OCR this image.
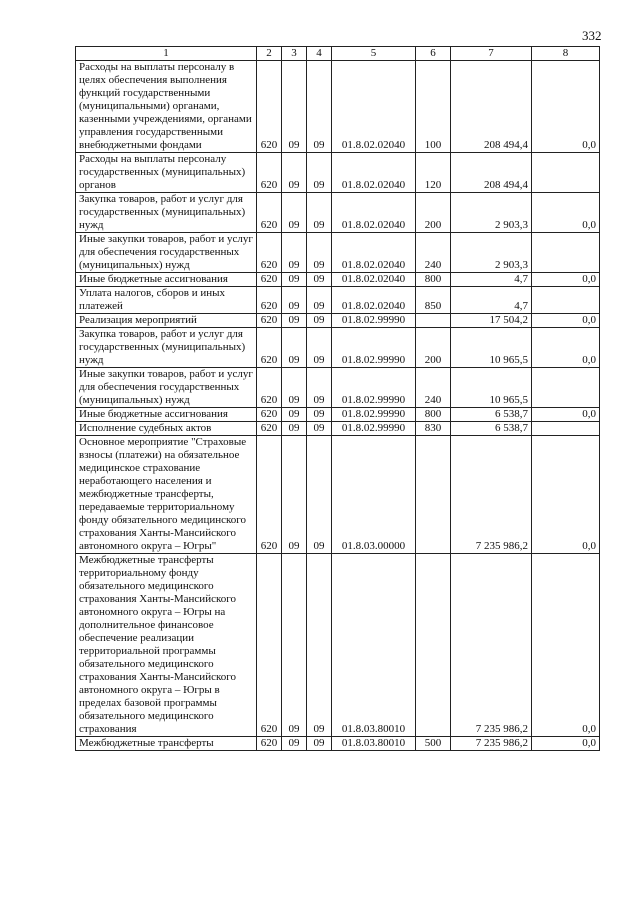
332
1	2	3	4	5	6	7	8
Расходы на выплаты персоналу в целях обеспечения выполнения функций государственными (муниципальными) органами, казенными учреждениями, органами управления государственными внебюджетными фондами	620	09	09	01.8.02.02040	100	208 494,4	0,0
Расходы на выплаты персоналу государственных (муниципальных) органов	620	09	09	01.8.02.02040	120	208 494,4	
Закупка товаров, работ и услуг для государственных (муниципальных) нужд	620	09	09	01.8.02.02040	200	2 903,3	0,0
Иные закупки товаров, работ и услуг для обеспечения государственных (муниципальных) нужд	620	09	09	01.8.02.02040	240	2 903,3	
Иные бюджетные ассигнования	620	09	09	01.8.02.02040	800	4,7	0,0
Уплата налогов, сборов и иных платежей	620	09	09	01.8.02.02040	850	4,7	
Реализация мероприятий	620	09	09	01.8.02.99990		17 504,2	0,0
Закупка товаров, работ и услуг для государственных (муниципальных) нужд	620	09	09	01.8.02.99990	200	10 965,5	0,0
Иные закупки товаров, работ и услуг для обеспечения государственных (муниципальных) нужд	620	09	09	01.8.02.99990	240	10 965,5	
Иные бюджетные ассигнования	620	09	09	01.8.02.99990	800	6 538,7	0,0
Исполнение судебных актов	620	09	09	01.8.02.99990	830	6 538,7	
Основное мероприятие "Страховые взносы (платежи) на обязательное медицинское страхование неработающего населения и межбюджетные трансферты, передаваемые территориальному фонду обязательного медицинского страхования Ханты-Мансийского автономного округа – Югры"	620	09	09	01.8.03.00000		7 235 986,2	0,0
Межбюджетные трансферты территориальному фонду обязательного медицинского страхования Ханты-Мансийского автономного округа – Югры на дополнительное финансовое обеспечение реализации территориальной программы обязательного медицинского страхования Ханты-Мансийского автономного округа – Югры в пределах базовой программы обязательного медицинского страхования	620	09	09	01.8.03.80010		7 235 986,2	0,0
Межбюджетные трансферты	620	09	09	01.8.03.80010	500	7 235 986,2	0,0
